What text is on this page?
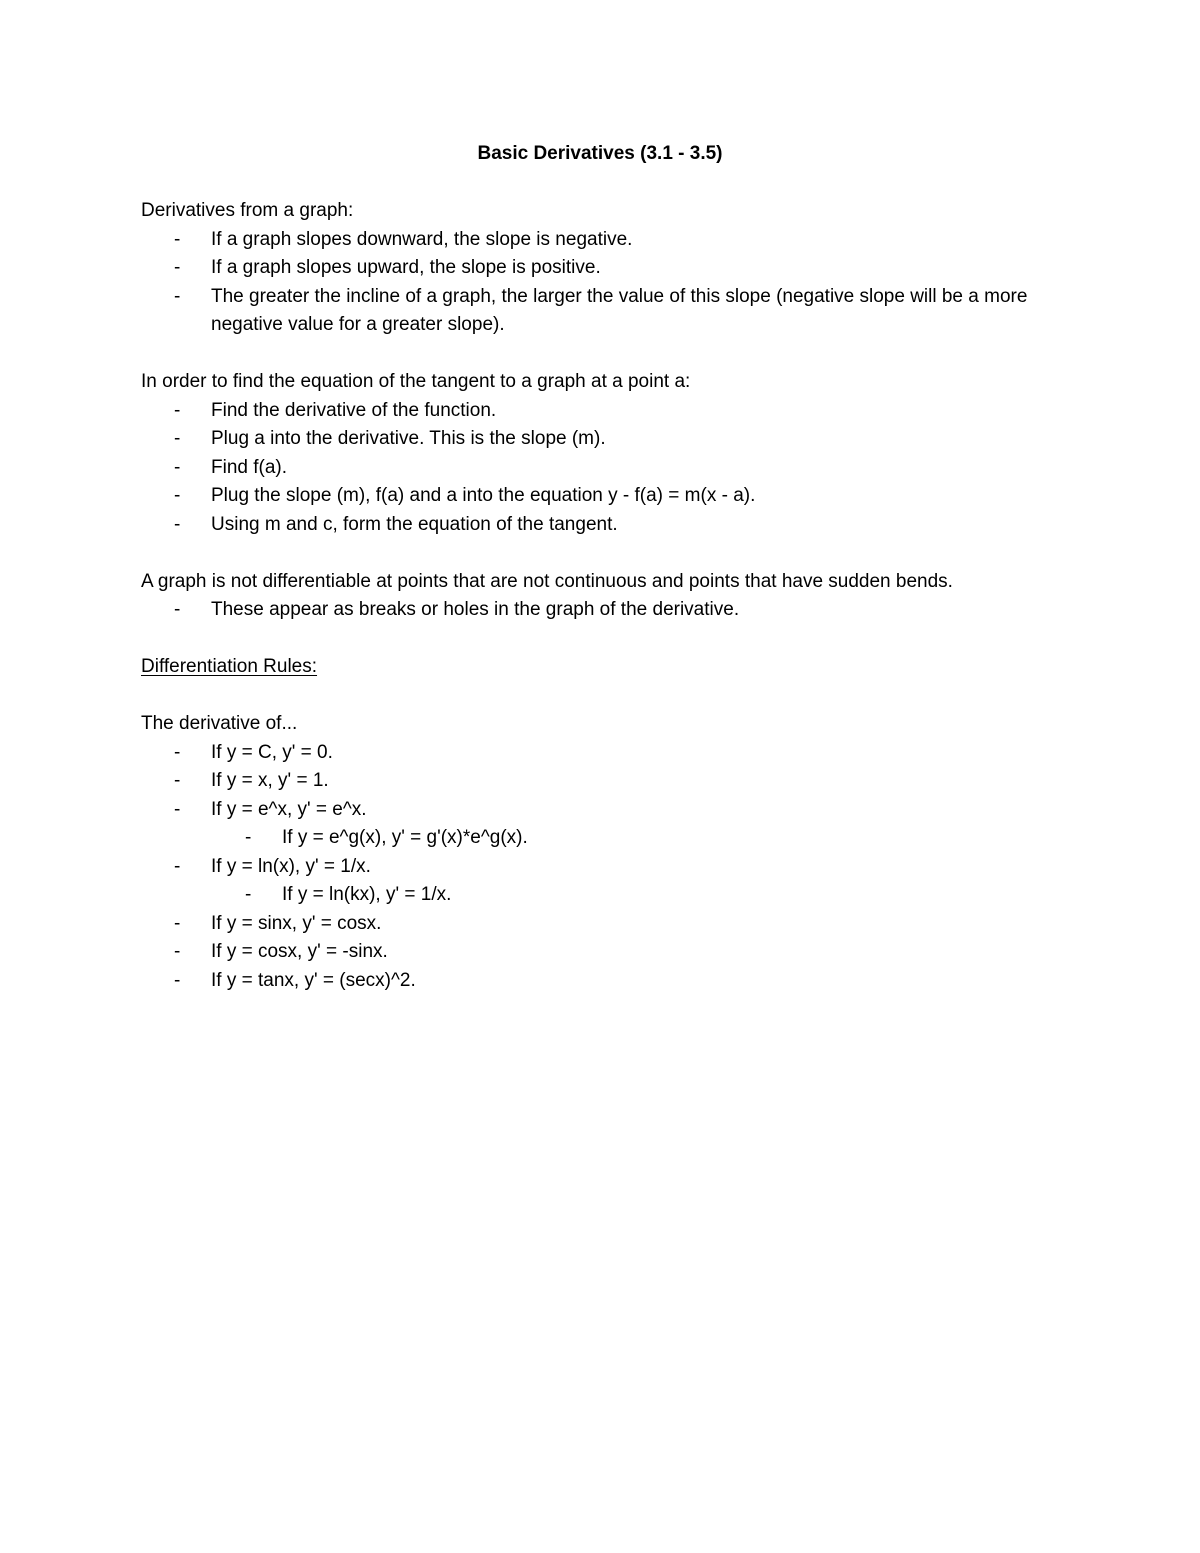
Basic Derivatives (3.1 - 3.5)

Derivatives from a graph:

- If a graph slopes downward, the slope is negative.
- If a graph slopes upward, the slope is positive.
- The greater the incline of a graph, the larger the value of this slope (negative slope will be a more negative value for a greater slope).

In order to find the equation of the tangent to a graph at a point a:

- Find the derivative of the function.
- Plug a into the derivative. This is the slope (m).
- Find f(a).
- Plug the slope (m), f(a) and a into the equation y - f(a) = m(x - a).
- Using m and c, form the equation of the tangent.

A graph is not differentiable at points that are not continuous and points that have sudden bends.

- These appear as breaks or holes in the graph of the derivative.

Differentiation Rules:

The derivative of...

- If y = C, y' = 0.
- If y = x, y' = 1.
- If y = e^x, y' = e^x.
- If y = e^g(x), y' = g'(x)*e^g(x).
- If y = ln(x), y' = 1/x.
- If y = ln(kx), y' = 1/x.
- If y = sinx, y' = cosx.
- If y = cosx, y' = -sinx.
- If y = tanx, y' = (secx)^2.
